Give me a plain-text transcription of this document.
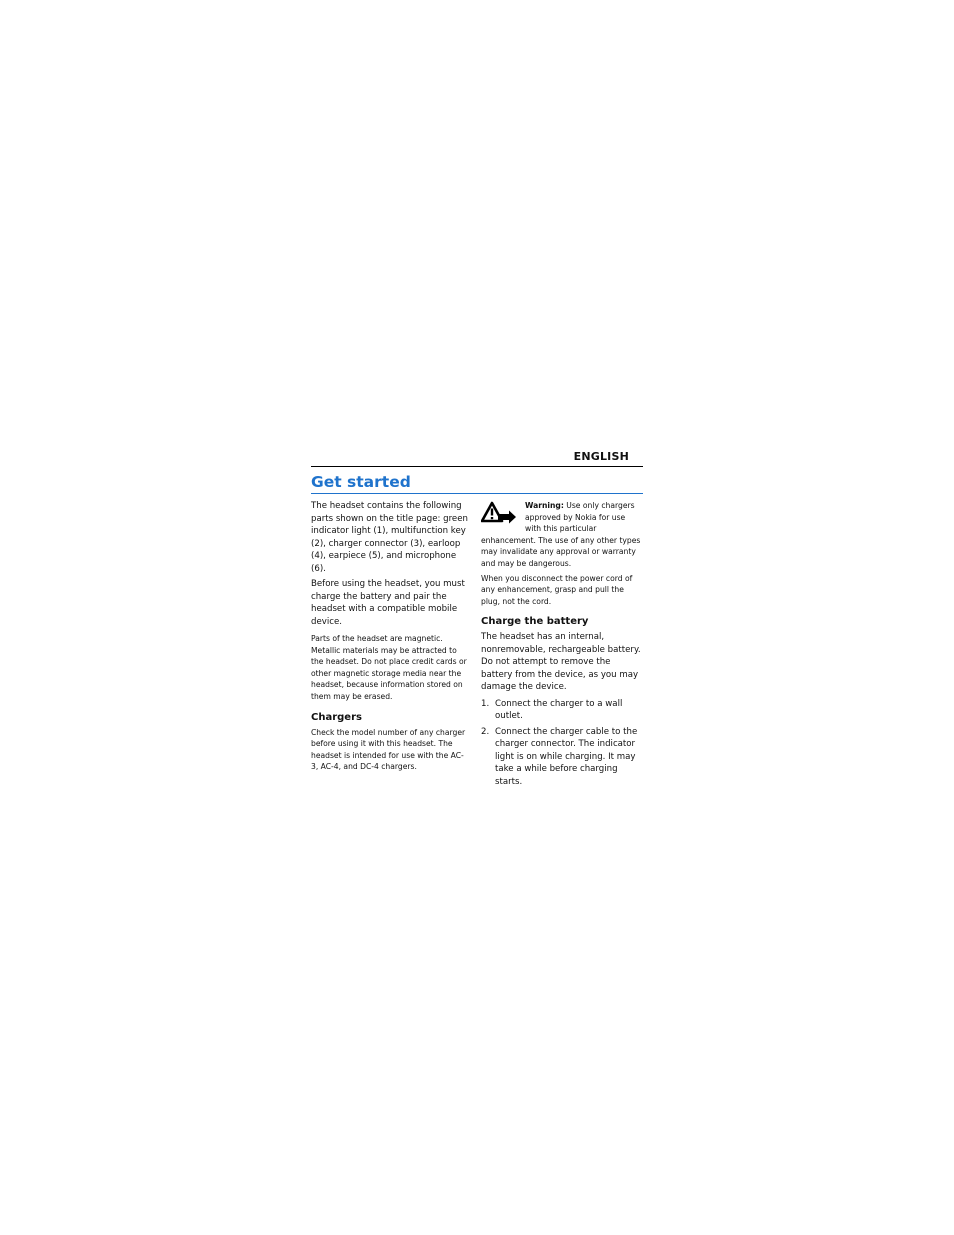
ENGLISH
Get started

The headset contains the following parts shown on the title page: green indicator light (1), multifunction key (2), charger connector (3), earloop (4), earpiece (5), and microphone (6).

Before using the headset, you must charge the battery and pair the headset with a compatible mobile device.

Parts of the headset are magnetic. Metallic materials may be attracted to the headset. Do not place credit cards or other magnetic storage media near the headset, because information stored on them may be erased.

Chargers

Check the model number of any charger before using it with this headset. The headset is intended for use with the AC-3, AC-4, and DC-4 chargers.

Warning: Use only chargers approved by Nokia for use with this particular enhancement. The use of any other types may invalidate any approval or warranty and may be dangerous.

When you disconnect the power cord of any enhancement, grasp and pull the plug, not the cord.

Charge the battery

The headset has an internal, nonremovable, rechargeable battery. Do not attempt to remove the battery from the device, as you may damage the device.

1. Connect the charger to a wall outlet.
2. Connect the charger cable to the charger connector. The indicator light is on while charging. It may take a while before charging starts.
